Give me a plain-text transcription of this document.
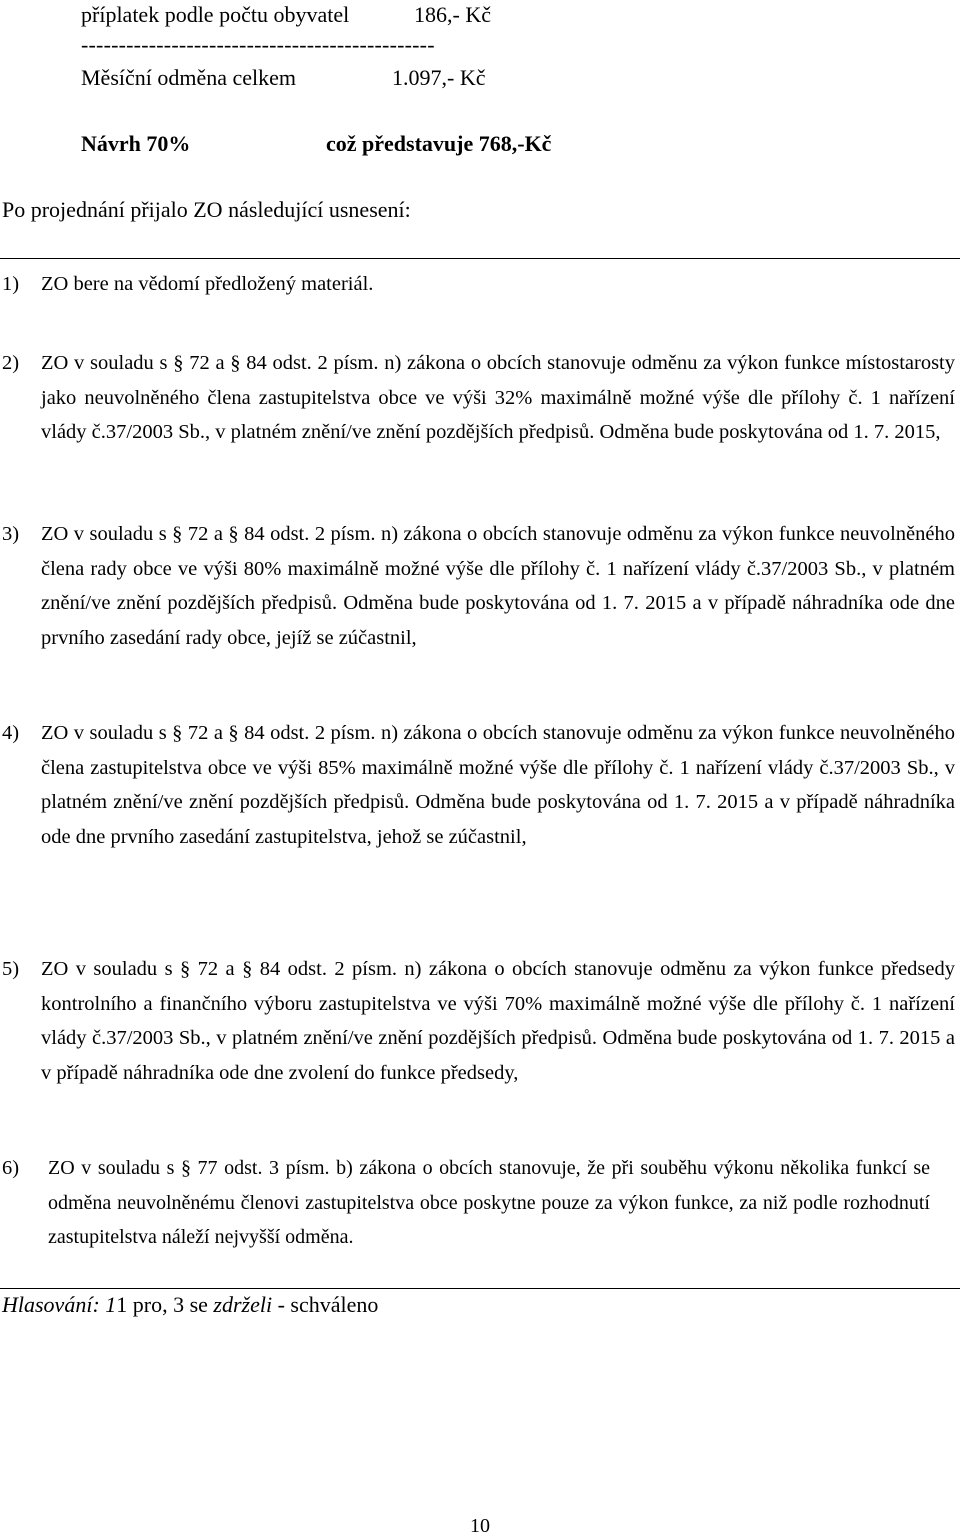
příplatek podle počtu obyvatel	186,- Kč
-----------------------------------------------
Měsíční odměna celkem	1.097,- Kč
Návrh 70%	což představuje 768,-Kč
Po projednání přijalo ZO následující usnesení:
1) ZO bere na vědomí předložený materiál.
2) ZO v souladu s § 72 a § 84 odst. 2 písm. n) zákona o obcích stanovuje odměnu za výkon funkce místostarosty jako neuvolněného člena zastupitelstva obce ve výši 32% maximálně možné výše dle přílohy č. 1 nařízení vlády č.37/2003 Sb., v platném znění/ve znění pozdějších předpisů. Odměna bude poskytována od 1. 7. 2015,
3) ZO v souladu s § 72 a § 84 odst. 2 písm. n) zákona o obcích stanovuje odměnu za výkon funkce neuvolněného člena rady obce ve výši 80% maximálně možné výše dle přílohy č. 1 nařízení vlády č.37/2003 Sb., v platném znění/ve znění pozdějších předpisů. Odměna bude poskytována od 1. 7. 2015 a v případě náhradníka ode dne prvního zasedání rady obce, jejíž se zúčastnil,
4) ZO v souladu s § 72 a § 84 odst. 2 písm. n) zákona o obcích stanovuje odměnu za výkon funkce neuvolněného člena zastupitelstva obce ve výši 85% maximálně možné výše dle přílohy č. 1 nařízení vlády č.37/2003 Sb., v platném znění/ve znění pozdějších předpisů. Odměna bude poskytována od 1. 7. 2015 a v případě náhradníka ode dne prvního zasedání zastupitelstva, jehož se zúčastnil,
5) ZO v souladu s § 72 a § 84 odst. 2 písm. n) zákona o obcích stanovuje odměnu za výkon funkce předsedy kontrolního a finančního výboru zastupitelstva ve výši 70% maximálně možné výše dle přílohy č. 1 nařízení vlády č.37/2003 Sb., v platném znění/ve znění pozdějších předpisů. Odměna bude poskytována od 1. 7. 2015 a v případě náhradníka ode dne zvolení do funkce předsedy,
6) ZO v souladu s § 77 odst. 3 písm. b) zákona o obcích stanovuje, že při souběhu výkonu několika funkcí se odměna neuvolněnému členovi zastupitelstva obce poskytne pouze za výkon funkce, za niž podle rozhodnutí zastupitelstva náleží nejvyšší odměna.
Hlasování: 11 pro, 3 se zdrželi - schváleno
10
